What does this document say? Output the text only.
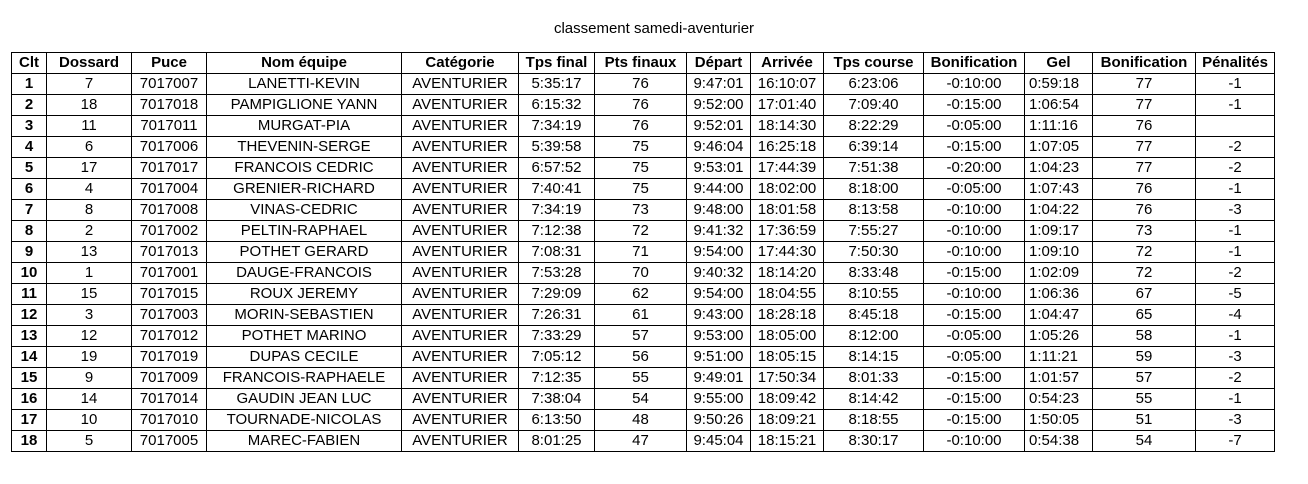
classement samedi-aventurier
Clt	Dossard	Puce	Nom équipe	Catégorie	Tps final	Pts finaux	Départ	Arrivée	Tps course	Bonification	Gel	Bonification	Pénalités
1	7	7017007	LANETTI-KEVIN	AVENTURIER	5:35:17	76	9:47:01	16:10:07	6:23:06	-0:10:00	0:59:18	77	-1
2	18	7017018	PAMPIGLIONE YANN	AVENTURIER	6:15:32	76	9:52:00	17:01:40	7:09:40	-0:15:00	1:06:54	77	-1
3	11	7017011	MURGAT-PIA	AVENTURIER	7:34:19	76	9:52:01	18:14:30	8:22:29	-0:05:00	1:11:16	76	
4	6	7017006	THEVENIN-SERGE	AVENTURIER	5:39:58	75	9:46:04	16:25:18	6:39:14	-0:15:00	1:07:05	77	-2
5	17	7017017	FRANCOIS CEDRIC	AVENTURIER	6:57:52	75	9:53:01	17:44:39	7:51:38	-0:20:00	1:04:23	77	-2
6	4	7017004	GRENIER-RICHARD	AVENTURIER	7:40:41	75	9:44:00	18:02:00	8:18:00	-0:05:00	1:07:43	76	-1
7	8	7017008	VINAS-CEDRIC	AVENTURIER	7:34:19	73	9:48:00	18:01:58	8:13:58	-0:10:00	1:04:22	76	-3
8	2	7017002	PELTIN-RAPHAEL	AVENTURIER	7:12:38	72	9:41:32	17:36:59	7:55:27	-0:10:00	1:09:17	73	-1
9	13	7017013	POTHET GERARD	AVENTURIER	7:08:31	71	9:54:00	17:44:30	7:50:30	-0:10:00	1:09:10	72	-1
10	1	7017001	DAUGE-FRANCOIS	AVENTURIER	7:53:28	70	9:40:32	18:14:20	8:33:48	-0:15:00	1:02:09	72	-2
11	15	7017015	ROUX JEREMY	AVENTURIER	7:29:09	62	9:54:00	18:04:55	8:10:55	-0:10:00	1:06:36	67	-5
12	3	7017003	MORIN-SEBASTIEN	AVENTURIER	7:26:31	61	9:43:00	18:28:18	8:45:18	-0:15:00	1:04:47	65	-4
13	12	7017012	POTHET MARINO	AVENTURIER	7:33:29	57	9:53:00	18:05:00	8:12:00	-0:05:00	1:05:26	58	-1
14	19	7017019	DUPAS CECILE	AVENTURIER	7:05:12	56	9:51:00	18:05:15	8:14:15	-0:05:00	1:11:21	59	-3
15	9	7017009	FRANCOIS-RAPHAELE	AVENTURIER	7:12:35	55	9:49:01	17:50:34	8:01:33	-0:15:00	1:01:57	57	-2
16	14	7017014	GAUDIN JEAN LUC	AVENTURIER	7:38:04	54	9:55:00	18:09:42	8:14:42	-0:15:00	0:54:23	55	-1
17	10	7017010	TOURNADE-NICOLAS	AVENTURIER	6:13:50	48	9:50:26	18:09:21	8:18:55	-0:15:00	1:50:05	51	-3
18	5	7017005	MAREC-FABIEN	AVENTURIER	8:01:25	47	9:45:04	18:15:21	8:30:17	-0:10:00	0:54:38	54	-7
